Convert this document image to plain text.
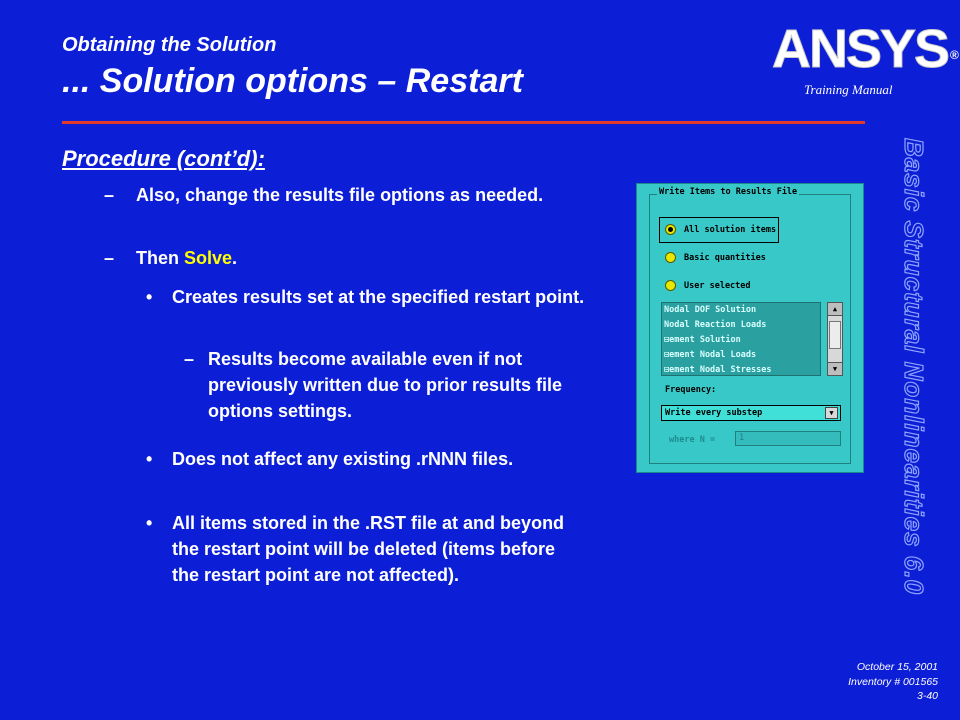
Obtaining the Solution
... Solution options – Restart
ANSYS ®
Training Manual
Basic Structural Nonlinearities 6.0
Procedure (cont’d):
– Also, change the results file options as needed.
– Then Solve.
• Creates results set at the specified restart point.
– Results become available even if not previously written due to prior results file options settings.
• Does not affect any existing .rNNN files.
• All items stored in the .RST file at and beyond the restart point will be deleted (items before the restart point are not affected).
Write Items to Results File
All solution items
Basic quantities
User selected
Nodal DOF Solution
Nodal Reaction Loads
⊟ement Solution
⊟ement Nodal Loads
⊟ement Nodal Stresses
▲
▼
Frequency:
Write every substep	▼
where N =	1
October 15, 2001
Inventory # 001565
3-40
